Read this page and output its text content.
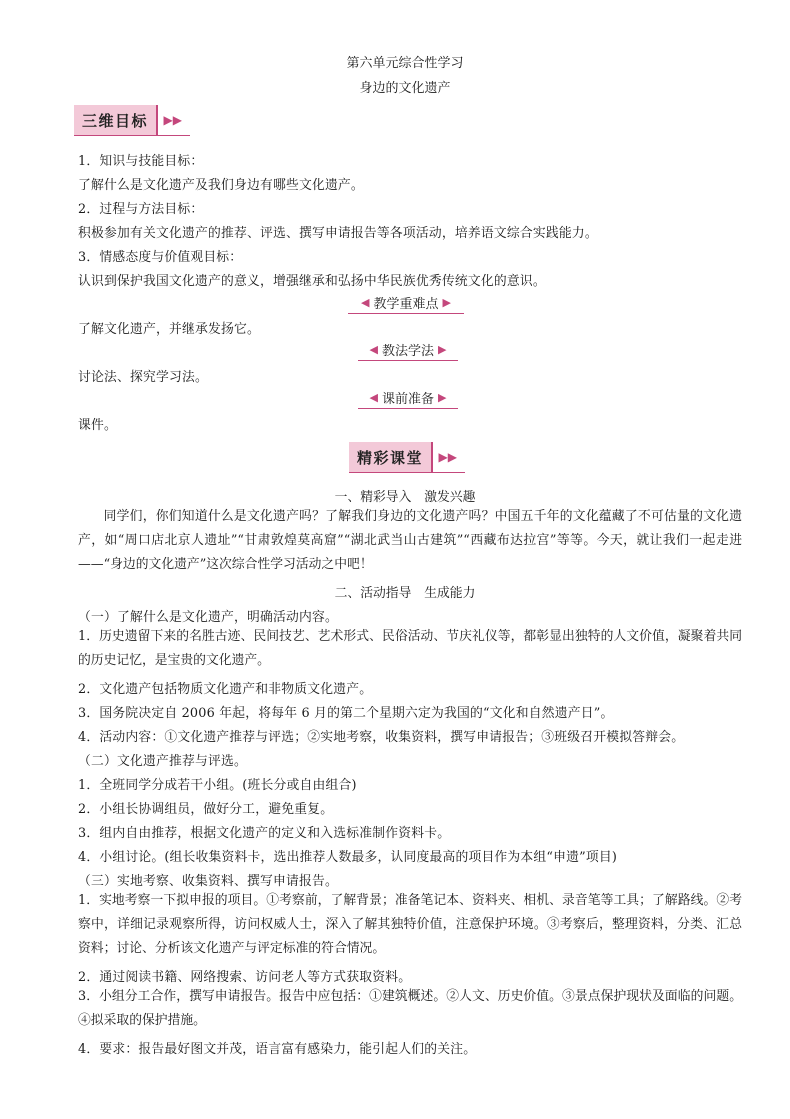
第六单元综合性学习
身边的文化遗产
三维目标	▶▶
1．知识与技能目标：
了解什么是文化遗产及我们身边有哪些文化遗产。
2．过程与方法目标：
积极参加有关文化遗产的推荐、评选、撰写申请报告等各项活动，培养语文综合实践能力。
3．情感态度与价值观目标：
认识到保护我国文化遗产的意义，增强继承和弘扬中华民族优秀传统文化的意识。
◀ 教学重难点 ▶
了解文化遗产，并继承发扬它。
◀ 教法学法 ▶
讨论法、探究学习法。
◀ 课前准备 ▶
课件。
精彩课堂	▶▶
一、精彩导入　激发兴趣
同学们，你们知道什么是文化遗产吗？了解我们身边的文化遗产吗？中国五千年的文化蕴藏了不可估量的文化遗产，如“周口店北京人遗址”“甘肃敦煌莫高窟”“湖北武当山古建筑”“西藏布达拉宫”等等。今天，就让我们一起走进——“身边的文化遗产”这次综合性学习活动之中吧！
二、活动指导　生成能力
（一）了解什么是文化遗产，明确活动内容。
1．历史遗留下来的名胜古迹、民间技艺、艺术形式、民俗活动、节庆礼仪等，都彰显出独特的人文价值，凝聚着共同的历史记忆，是宝贵的文化遗产。
2．文化遗产包括物质文化遗产和非物质文化遗产。
3．国务院决定自 2006 年起，将每年 6 月的第二个星期六定为我国的“文化和自然遗产日”。
4．活动内容：①文化遗产推荐与评选；②实地考察，收集资料，撰写申请报告；③班级召开模拟答辩会。
（二）文化遗产推荐与评选。
1．全班同学分成若干小组。(班长分或自由组合)
2．小组长协调组员，做好分工，避免重复。
3．组内自由推荐，根据文化遗产的定义和入选标准制作资料卡。
4．小组讨论。(组长收集资料卡，选出推荐人数最多，认同度最高的项目作为本组“申遗”项目)
（三）实地考察、收集资料、撰写申请报告。
1．实地考察一下拟申报的项目。①考察前，了解背景；准备笔记本、资料夹、相机、录音笔等工具；了解路线。②考察中，详细记录观察所得，访问权威人士，深入了解其独特价值，注意保护环境。③考察后，整理资料，分类、汇总资料；讨论、分析该文化遗产与评定标准的符合情况。
2．通过阅读书籍、网络搜索、访问老人等方式获取资料。
3．小组分工合作，撰写申请报告。报告中应包括：①建筑概述。②人文、历史价值。③景点保护现状及面临的问题。④拟采取的保护措施。
4．要求：报告最好图文并茂，语言富有感染力，能引起人们的关注。
